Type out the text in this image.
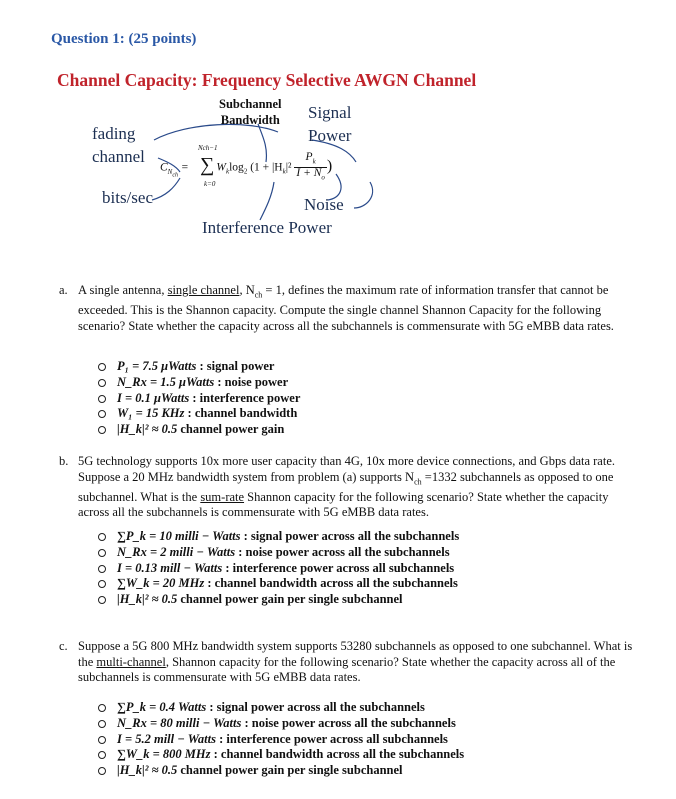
Question 1: (25 points)
Channel Capacity: Frequency Selective AWGN Channel
Subchannel
Bandwidth
fading
channel
bits/sec
Signal
Power
Noise
Interference Power
Nch−1
∑
k=0
$C_{N_{ch}} = W_k\log_2$ ($1 + |H_k|^2 \frac{P_k}{I + N_o}$ )
a. A single antenna, single channel, $N_{ch} = 1$, defines the maximum rate of information transfer that cannot be exceeded. This is the Shannon capacity. Compute the single channel Shannon Capacity for the following scenario? State whether the capacity across all the subchannels is commensurate with 5G eMBB data rates.
P₁ = 7.5 μWatts : signal power
N_Rx = 1.5 μWatts : noise power
I = 0.1 μWatts : interference power
W₁ = 15 KHz : channel bandwidth
|H_k|² ≈ 0.5 channel power gain
b. 5G technology supports 10x more user capacity than 4G, 10x more device connections, and Gbps data rate. Suppose a 20 MHz bandwidth system from problem (a) supports $N_{ch} =1332$ subchannels as opposed to one subchannel. What is the sum-rate Shannon capacity for the following scenario? State whether the capacity across all the subchannels is commensurate with 5G eMBB data rates.
∑P_k = 10 milli − Watts : signal power across all the subchannels
N_Rx = 2 milli − Watts : noise power across all the subchannels
I = 0.13 mill − Watts : interference power across all subchannels
∑W_k = 20 MHz : channel bandwidth across all the subchannels
|H_k|² ≈ 0.5 channel power gain per single subchannel
c. Suppose a 5G 800 MHz bandwidth system supports 53280 subchannels as opposed to one subchannel. What is the multi-channel, Shannon capacity for the following scenario? State whether the capacity across all of the subchannels is commensurate with 5G eMBB data rates.
∑P_k = 0.4 Watts : signal power across all the subchannels
N_Rx = 80 milli − Watts : noise power across all the subchannels
I = 5.2 mill − Watts : interference power across all subchannels
∑W_k = 800 MHz : channel bandwidth across all the subchannels
|H_k|² ≈ 0.5 channel power gain per single subchannel
